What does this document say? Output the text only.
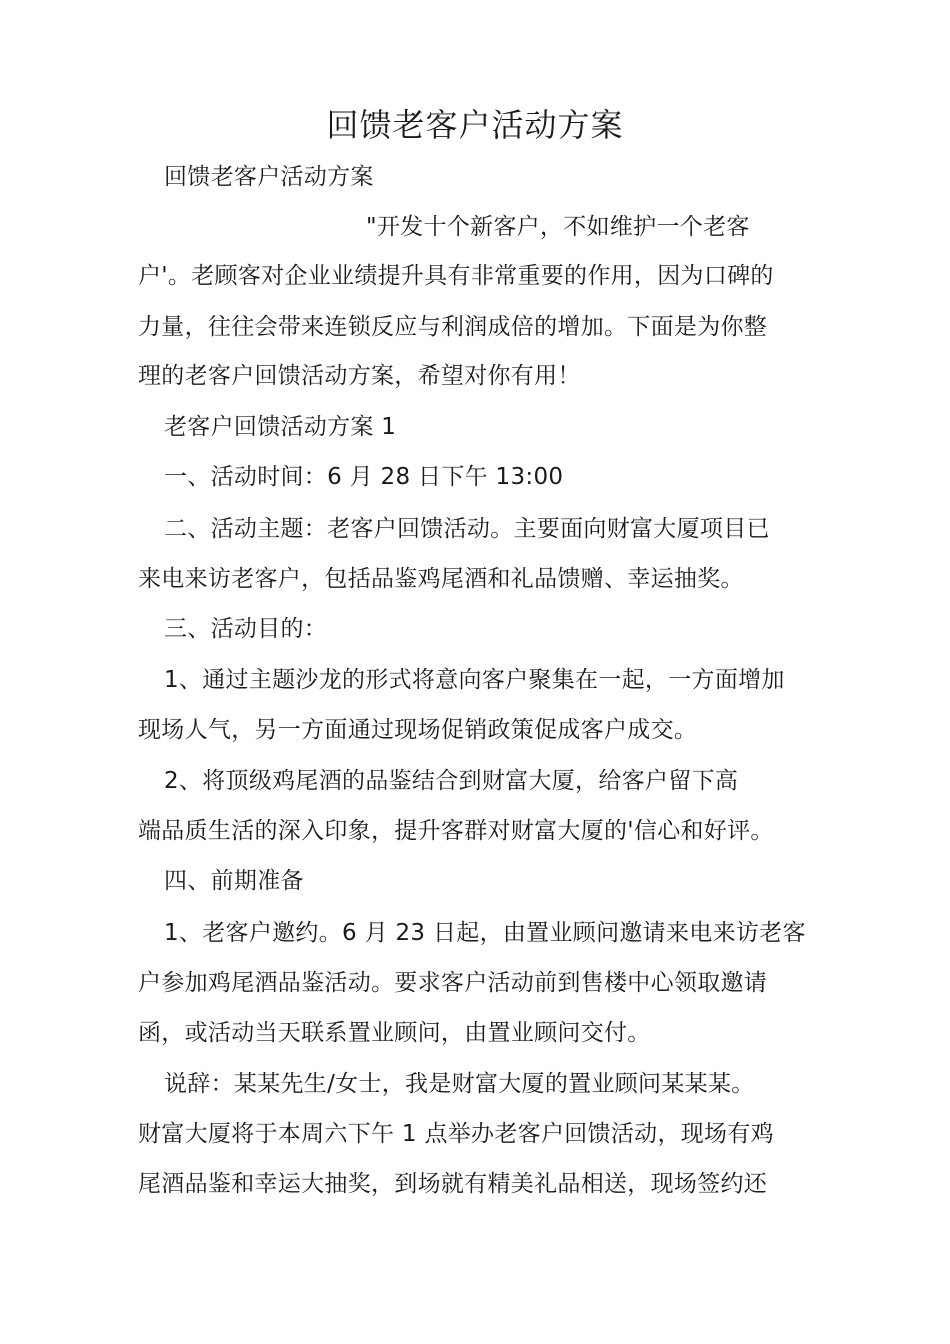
回馈老客户活动方案
回馈老客户活动方案
"开发十个新客户，不如维护一个老客
户'。老顾客对企业业绩提升具有非常重要的作用，因为口碑的
力量，往往会带来连锁反应与利润成倍的增加。下面是为你整
理的老客户回馈活动方案，希望对你有用！
老客户回馈活动方案 1
一、活动时间：6 月 28 日下午 13:00
二、活动主题：老客户回馈活动。主要面向财富大厦项目已
来电来访老客户，包括品鉴鸡尾酒和礼品馈赠、幸运抽奖。
三、活动目的：
1、通过主题沙龙的形式将意向客户聚集在一起，一方面增加
现场人气，另一方面通过现场促销政策促成客户成交。
2、将顶级鸡尾酒的品鉴结合到财富大厦，给客户留下高
端品质生活的深入印象，提升客群对财富大厦的'信心和好评。
四、前期准备
1、老客户邀约。6 月 23 日起，由置业顾问邀请来电来访老客
户参加鸡尾酒品鉴活动。要求客户活动前到售楼中心领取邀请
函，或活动当天联系置业顾问，由置业顾问交付。
说辞：某某先生/女士，我是财富大厦的置业顾问某某某。
财富大厦将于本周六下午 1 点举办老客户回馈活动，现场有鸡
尾酒品鉴和幸运大抽奖，到场就有精美礼品相送，现场签约还
